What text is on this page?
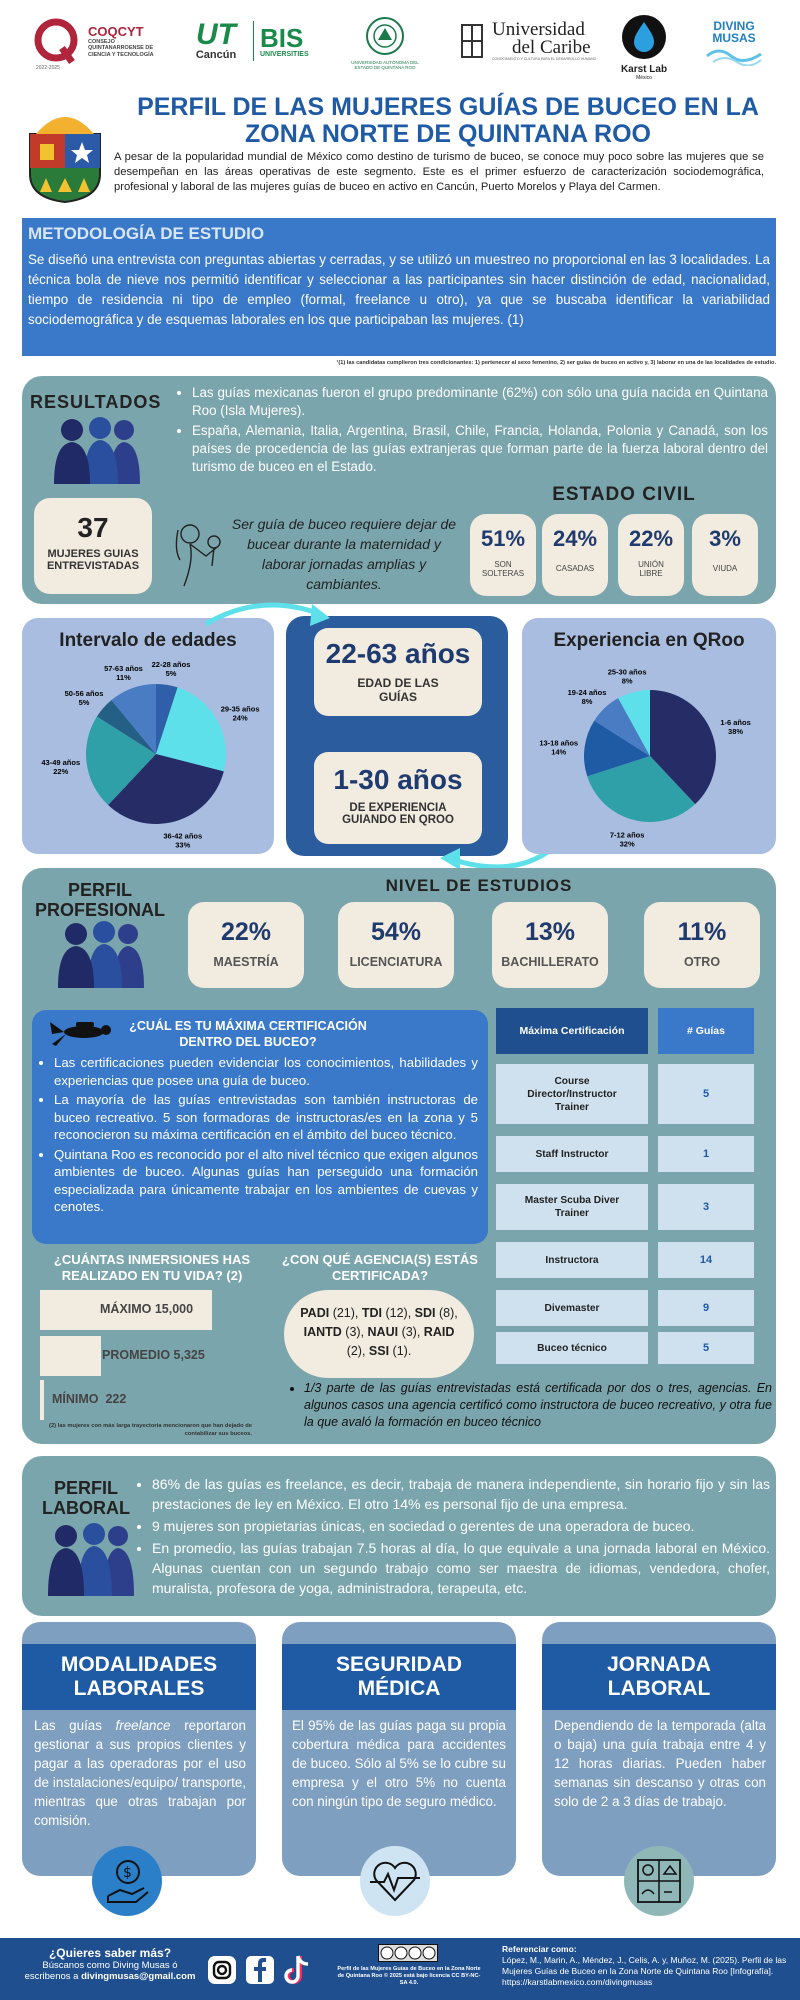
COQCYT
CONSEJO QUINTANARROENSE DE CIENCIA Y TECNOLOGÍA
2022-2025
UT
Cancún
BIS
UNIVERSITIES
UNIVERSIDAD AUTÓNOMA DEL ESTADO DE QUINTANA ROO
Universidad
del Caribe
CONOCIMIENTO Y CULTURA PARA EL DESARROLLO HUMANO
Karst Lab
México
DIVING
MUSAS
PERFIL DE LAS MUJERES GUÍAS DE BUCEO EN LA ZONA NORTE DE QUINTANA ROO
A pesar de la popularidad mundial de México como destino de turismo de buceo, se conoce muy poco sobre las mujeres que se desempeñan en las áreas operativas de este segmento. Este es el primer esfuerzo de caracterización sociodemográfica, profesional y laboral de las mujeres guías de buceo en activo en Cancún, Puerto Morelos y Playa del Carmen.
METODOLOGÍA DE ESTUDIO
Se diseñó una entrevista con preguntas abiertas y cerradas, y se utilizó un muestreo no proporcional en las 3 localidades. La técnica bola de nieve nos permitió identificar y seleccionar a las participantes sin hacer distinción de edad, nacionalidad, tiempo de residencia ni tipo de empleo (formal, freelance u otro), ya que se buscaba identificar la variabilidad sociodemográfica y de esquemas laborales en los que participaban las mujeres. (1)
¹(1) las candidatas cumplieron tres condicionantes: 1) pertenecer al sexo femenino, 2) ser guías de buceo en activo y, 3) laborar en una de las localidades de estudio.
RESULTADOS • Las guías mexicanas fueron el grupo predominante (62%) con sólo una guía nacida en Quintana Roo (Isla Mujeres).
• España, Alemania, Italia, Argentina, Brasil, Chile, Francia, Holanda, Polonia y Canadá, son los países de procedencia de las guías extranjeras que forman parte de la fuerza laboral dentro del turismo de buceo en el Estado.
37
MUJERES GUIAS ENTREVISTADAS
Ser guía de buceo requiere dejar de bucear durante la maternidad y laborar jornadas amplias y cambiantes.
ESTADO CIVIL
51%
SON SOLTERAS
24%
CASADAS
22%
UNIÓN LIBRE
3%
VIUDA
Intervalo de edades
22-28 años 5%
29-35 años 24%
36-42 años 33%
43-49 años 22%
50-56 años 5%
57-63 años 11%
22-63 años
EDAD DE LAS GUÍAS
1-30 años
DE EXPERIENCIA GUIANDO EN QROO
Experiencia en QRoo
1-6 años 38%
7-12 años 32%
13-18 años 14%
19-24 años 8%
25-30 años 8%
PERFIL PROFESIONAL
NIVEL DE ESTUDIOS
22%
MAESTRÍA
54%
LICENCIATURA
13%
BACHILLERATO
11%
OTRO
¿CUÁL ES TU MÁXIMA CERTIFICACIÓN DENTRO DEL BUCEO?
• Las certificaciones pueden evidenciar los conocimientos, habilidades y experiencias que posee una guía de buceo.
• La mayoría de las guías entrevistadas son también instructoras de buceo recreativo. 5 son formadoras de instructoras/es en la zona y 5 reconocieron su máxima certificación en el ámbito del buceo técnico.
• Quintana Roo es reconocido por el alto nivel técnico que exigen algunos ambientes de buceo. Algunas guías han perseguido una formación especializada para únicamente trabajar en los ambientes de cuevas y cenotes.
Máxima Certificación	# Guías
Course Director/Instructor Trainer
5
Staff Instructor	1
Master Scuba Diver Trainer
3
Instructora	14
Divemaster	9
Buceo técnico	5
¿CUÁNTAS INMERSIONES HAS REALIZADO EN TU VIDA? (2)
MÁXIMO 15,000
PROMEDIO 5,325
MÍNIMO  222
(2) las mujeres con más larga trayectoria mencionaron que han dejado de contabilizar sus buceos.
¿CON QUÉ AGENCIA(S) ESTÁS CERTIFICADA?
PADI (21), TDI (12), SDI (8), IANTD (3), NAUI (3), RAID (2), SSI (1).
• 1/3 parte de las guías entrevistadas está certificada por dos o tres, agencias. En algunos casos una agencia certificó como instructora de buceo recreativo, y otra fue la que avaló la formación en buceo técnico
PERFIL LABORAL
• 86% de las guías es freelance, es decir, trabaja de manera independiente, sin horario fijo y sin las prestaciones de ley en México. El otro 14% es personal fijo de una empresa.
• 9 mujeres son propietarias únicas, en sociedad o gerentes de una operadora de buceo.
• En promedio, las guías trabajan 7.5 horas al día, lo que equivale a una jornada laboral en México. Algunas cuentan con un segundo trabajo como ser maestra de idiomas, vendedora, chofer, muralista, profesora de yoga, administradora, terapeuta, etc.
MODALIDADES LABORALES
Las guías freelance reportaron gestionar a sus propios clientes y pagar a las operadoras por el uso de instalaciones/equipo/ transporte, mientras que otras trabajan por comisión.
SEGURIDAD MÉDICA
El 95% de las guías paga su propia cobertura médica para accidentes de buceo. Sólo al 5% se lo cubre su empresa y el otro 5% no cuenta con ningún tipo de seguro médico.
JORNADA LABORAL
Dependiendo de la temporada (alta o baja) una guía trabaja entre 4 y 12 horas diarias. Pueden haber semanas sin descanso y otras con solo de 2 a 3 días de trabajo.
$
¿Quieres saber más?
Búscanos como Diving Musas ó
escribenos a divingmusas@gmail.com
Perfil de las Mujeres Guías de Buceo en la Zona Norte de Quintana Roo © 2025 está bajo licencia CC BY-NC-SA 4.0.
Referenciar como:
López, M., Marin, A., Méndez, J., Celis, A. y, Muñoz, M. (2025). Perfil de las Mujeres Guías de Buceo en la Zona Norte de Quintana Roo [Infografía].
https://karstlabmexico.com/divingmusas
